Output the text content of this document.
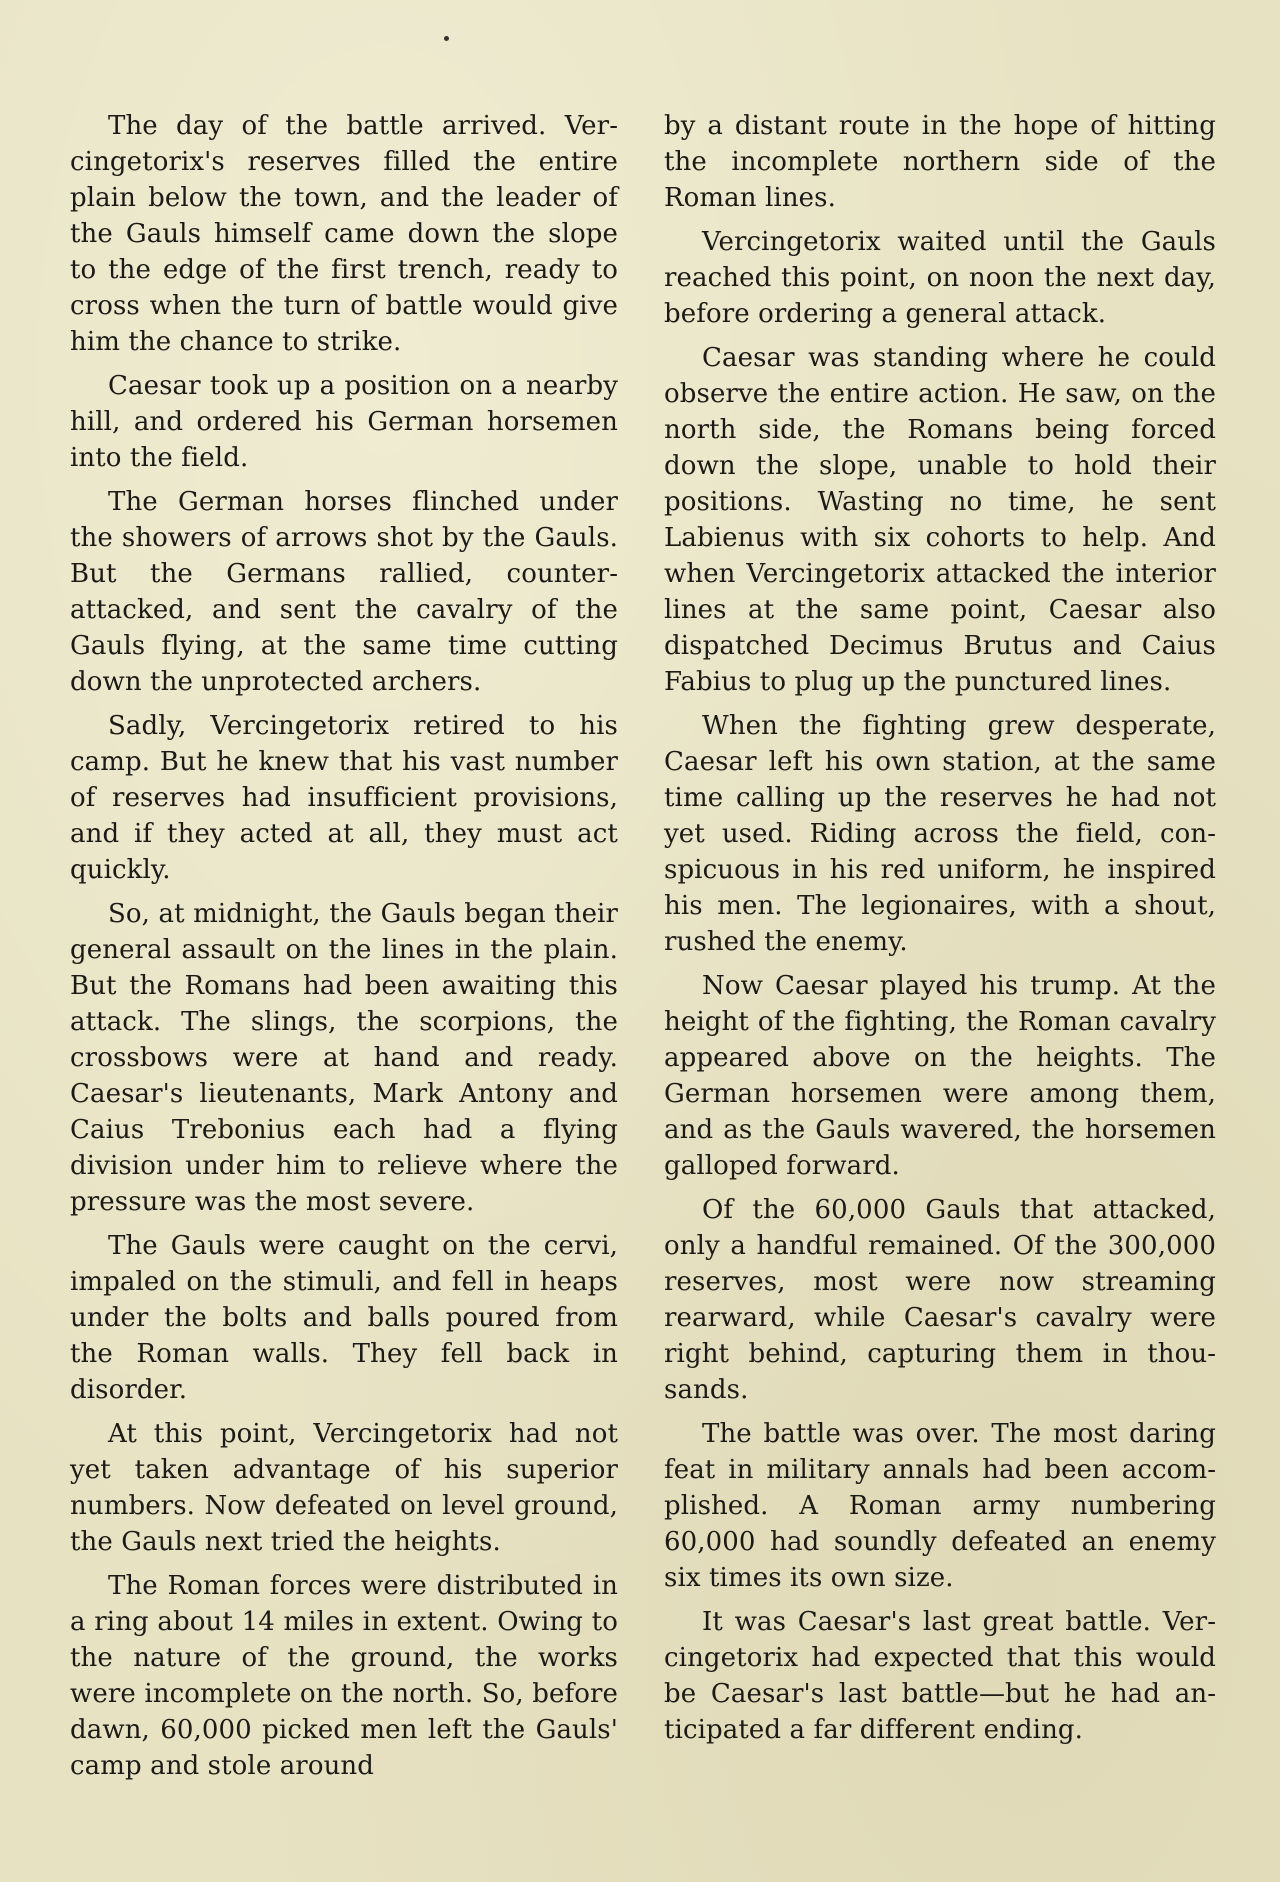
The day of the battle arrived. Vercingetorix's reserves filled the entire plain below the town, and the leader of the Gauls himself came down the slope to the edge of the first trench, ready to cross when the turn of battle would give him the chance to strike.

Caesar took up a position on a nearby hill, and ordered his German horsemen into the field.

The German horses flinched under the showers of arrows shot by the Gauls. But the Germans rallied, counterattacked, and sent the cavalry of the Gauls flying, at the same time cutting down the unprotected archers.

Sadly, Vercingetorix retired to his camp. But he knew that his vast number of reserves had insufficient provisions, and if they acted at all, they must act quickly.

So, at midnight, the Gauls began their general assault on the lines in the plain. But the Romans had been awaiting this attack. The slings, the scorpions, the crossbows were at hand and ready. Caesar's lieutenants, Mark Antony and Caius Trebonius each had a flying division under him to relieve where the pressure was the most severe.

The Gauls were caught on the cervi, impaled on the stimuli, and fell in heaps under the bolts and balls poured from the Roman walls. They fell back in disorder.

At this point, Vercingetorix had not yet taken advantage of his superior numbers. Now defeated on level ground, the Gauls next tried the heights.

The Roman forces were distributed in a ring about 14 miles in extent. Owing to the nature of the ground, the works were incomplete on the north. So, before dawn, 60,000 picked men left the Gauls' camp and stole around

by a distant route in the hope of hitting the incomplete northern side of the Roman lines.

Vercingetorix waited until the Gauls reached this point, on noon the next day, before ordering a general attack.

Caesar was standing where he could observe the entire action. He saw, on the north side, the Romans being forced down the slope, unable to hold their positions. Wasting no time, he sent Labienus with six cohorts to help. And when Vercingetorix attacked the interior lines at the same point, Caesar also dispatched Decimus Brutus and Caius Fabius to plug up the punctured lines.

When the fighting grew desperate, Caesar left his own station, at the same time calling up the reserves he had not yet used. Riding across the field, conspicuous in his red uniform, he inspired his men. The legionaires, with a shout, rushed the enemy.

Now Caesar played his trump. At the height of the fighting, the Roman cavalry appeared above on the heights. The German horsemen were among them, and as the Gauls wavered, the horsemen galloped forward.

Of the 60,000 Gauls that attacked, only a handful remained. Of the 300,000 reserves, most were now streaming rearward, while Caesar's cavalry were right behind, capturing them in thousands.

The battle was over. The most daring feat in military annals had been accomplished. A Roman army numbering 60,000 had soundly defeated an enemy six times its own size.

It was Caesar's last great battle. Vercingetorix had expected that this would be Caesar's last battle—but he had anticipated a far different ending.
